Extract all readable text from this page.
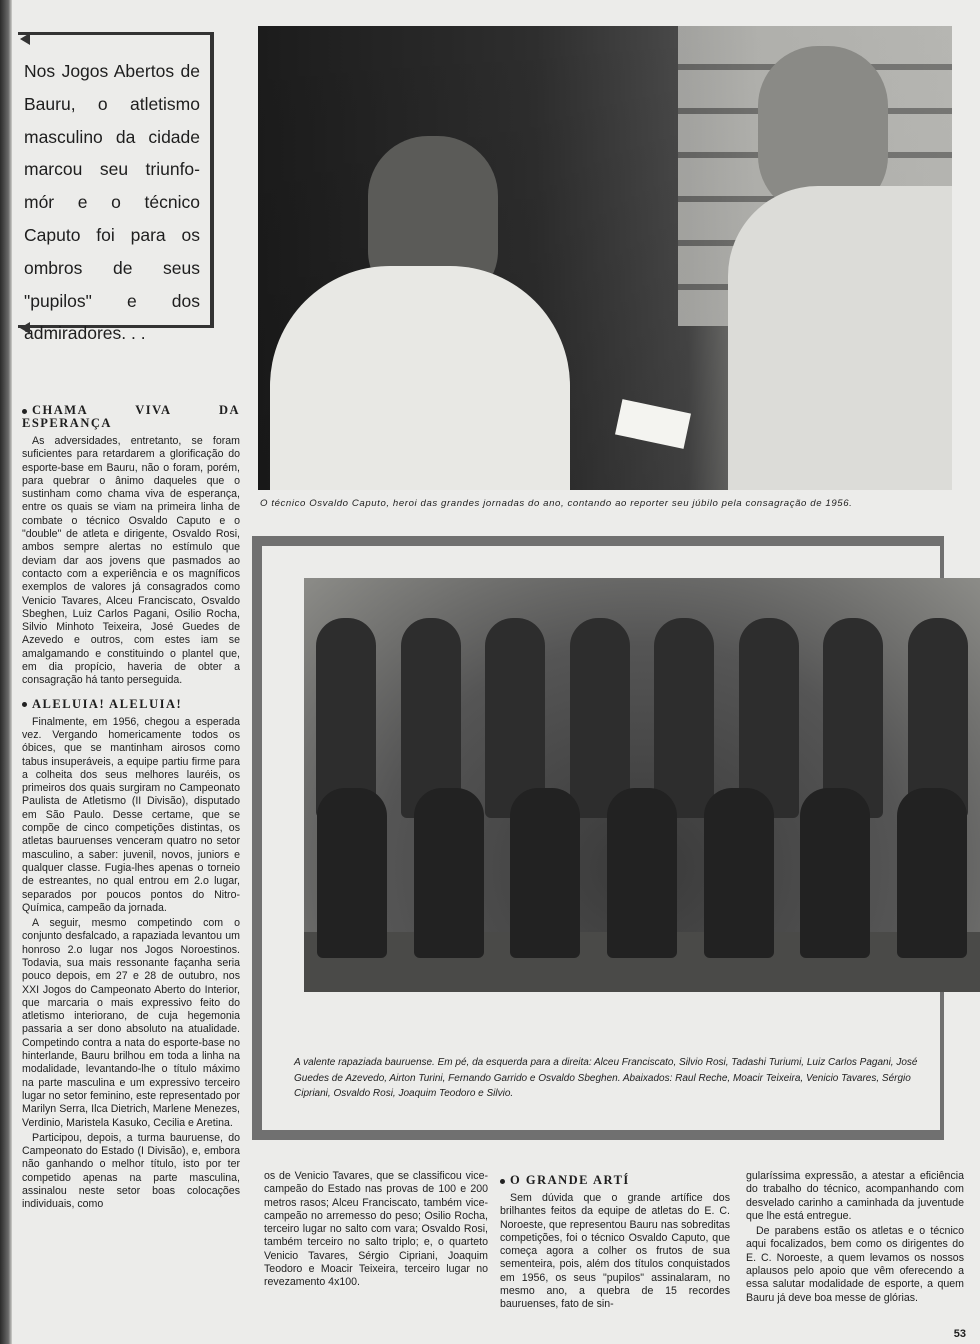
Nos Jogos Abertos de Bauru, o atletismo masculino da cidade marcou seu triunfo-mór e o técnico Caputo foi para os ombros de seus "pupilos" e dos admiradores. . .

CHAMA VIVA DA ESPERANÇA

As adversidades, entretanto, se foram suficientes para retardarem a glorificação do esporte-base em Bauru, não o foram, porém, para quebrar o ânimo daqueles que o sustinham como chama viva de esperança, entre os quais se viam na primeira linha de combate o técnico Osvaldo Caputo e o "double" de atleta e dirigente, Osvaldo Rosi, ambos sempre alertas no estímulo que deviam dar aos jovens que pasmados ao contacto com a experiência e os magníficos exemplos de valores já consagrados como Venicio Tavares, Alceu Franciscato, Osvaldo Sbeghen, Luiz Carlos Pagani, Osilio Rocha, Silvio Minhoto Teixeira, José Guedes de Azevedo e outros, com estes iam se amalgamando e constituindo o plantel que, em dia propício, haveria de obter a consagração há tanto perseguida.

ALELUIA! ALELUIA!

Finalmente, em 1956, chegou a esperada vez. Vergando homericamente todos os óbices, que se mantinham airosos como tabus insuperáveis, a equipe partiu firme para a colheita dos seus melhores lauréis, os primeiros dos quais surgiram no Campeonato Paulista de Atletismo (II Divisão), disputado em São Paulo. Desse certame, que se compõe de cinco competições distintas, os atletas bauruenses venceram quatro no setor masculino, a saber: juvenil, novos, juniors e qualquer classe. Fugia-lhes apenas o torneio de estreantes, no qual entrou em 2.o lugar, separados por poucos pontos do Nitro-Química, campeão da jornada.

A seguir, mesmo competindo com o conjunto desfalcado, a rapaziada levantou um honroso 2.o lugar nos Jogos Noroestinos. Todavia, sua mais ressonante façanha seria pouco depois, em 27 e 28 de outubro, nos XXI Jogos do Campeonato Aberto do Interior, que marcaria o mais expressivo feito do atletismo interiorano, de cuja hegemonia passaria a ser dono absoluto na atualidade. Competindo contra a nata do esporte-base no hinterlande, Bauru brilhou em toda a linha na modalidade, levantando-lhe o título máximo na parte masculina e um expressivo terceiro lugar no setor feminino, este representado por Marilyn Serra, Ilca Dietrich, Marlene Menezes, Verdinio, Maristela Kasuko, Cecilia e Aretina.

Participou, depois, a turma bauruense, do Campeonato do Estado (I Divisão), e, embora não ganhando o melhor título, isto por ter competido apenas na parte masculina, assinalou neste setor boas colocações individuais, como

O técnico Osvaldo Caputo, heroi das grandes jornadas do ano, contando ao reporter seu júbilo pela consagração de 1956.
A valente rapaziada bauruense. Em pé, da esquerda para a direita: Alceu Franciscato, Silvio Rosi, Tadashi Turiumi, Luiz Carlos Pagani, José Guedes de Azevedo, Airton Turini, Fernando Garrido e Osvaldo Sbeghen. Abaixados: Raul Reche, Moacir Teixeira, Venicio Tavares, Sérgio Cipriani, Osvaldo Rosi, Joaquim Teodoro e Silvio.

os de Venicio Tavares, que se classificou vice-campeão do Estado nas provas de 100 e 200 metros rasos; Alceu Franciscato, também vice-campeão no arremesso do peso; Osilio Rocha, terceiro lugar no salto com vara; Osvaldo Rosi, também terceiro no salto triplo; e, o quarteto Venicio Tavares, Sérgio Cipriani, Joaquim Teodoro e Moacir Teixeira, terceiro lugar no revezamento 4x100.

O GRANDE ARTÍ

Sem dúvida que o grande artífice dos brilhantes feitos da equipe de atletas do E. C. Noroeste, que representou Bauru nas sobreditas competições, foi o técnico Osvaldo Caputo, que começa agora a colher os frutos de sua sementeira, pois, além dos títulos conquistados em 1956, os seus "pupilos" assinalaram, no mesmo ano, a quebra de 15 recordes bauruenses, fato de sin-

gularíssima expressão, a atestar a eficiência do trabalho do técnico, acompanhando com desvelado carinho a caminhada da juventude que lhe está entregue.

De parabens estão os atletas e o técnico aqui focalizados, bem como os dirigentes do E. C. Noroeste, a quem levamos os nossos aplausos pelo apoio que vêm oferecendo a essa salutar modalidade de esporte, a quem Bauru já deve boa messe de glórias.

53
